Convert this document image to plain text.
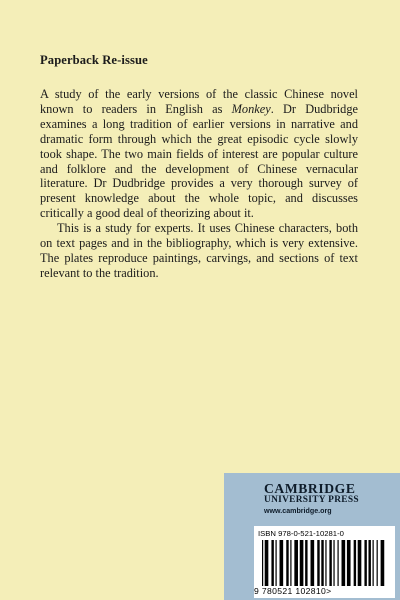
Paperback Re-issue

A study of the early versions of the classic Chinese novel known to readers in English as Monkey. Dr Dudbridge examines a long tradition of earlier versions in narrative and dramatic form through which the great episodic cycle slowly took shape. The two main fields of interest are popular culture and folklore and the development of Chinese vernacular literature. Dr Dudbridge provides a very thorough survey of present knowledge about the whole topic, and discusses critically a good deal of theorizing about it.

This is a study for experts. It uses Chinese characters, both on text pages and in the bibliography, which is very extensive. The plates reproduce paintings, carvings, and sections of text relevant to the tradition.

CAMBRIDGE
UNIVERSITY PRESS
www.cambridge.org
ISBN 978-0-521-10281-0
9 780521 102810>
